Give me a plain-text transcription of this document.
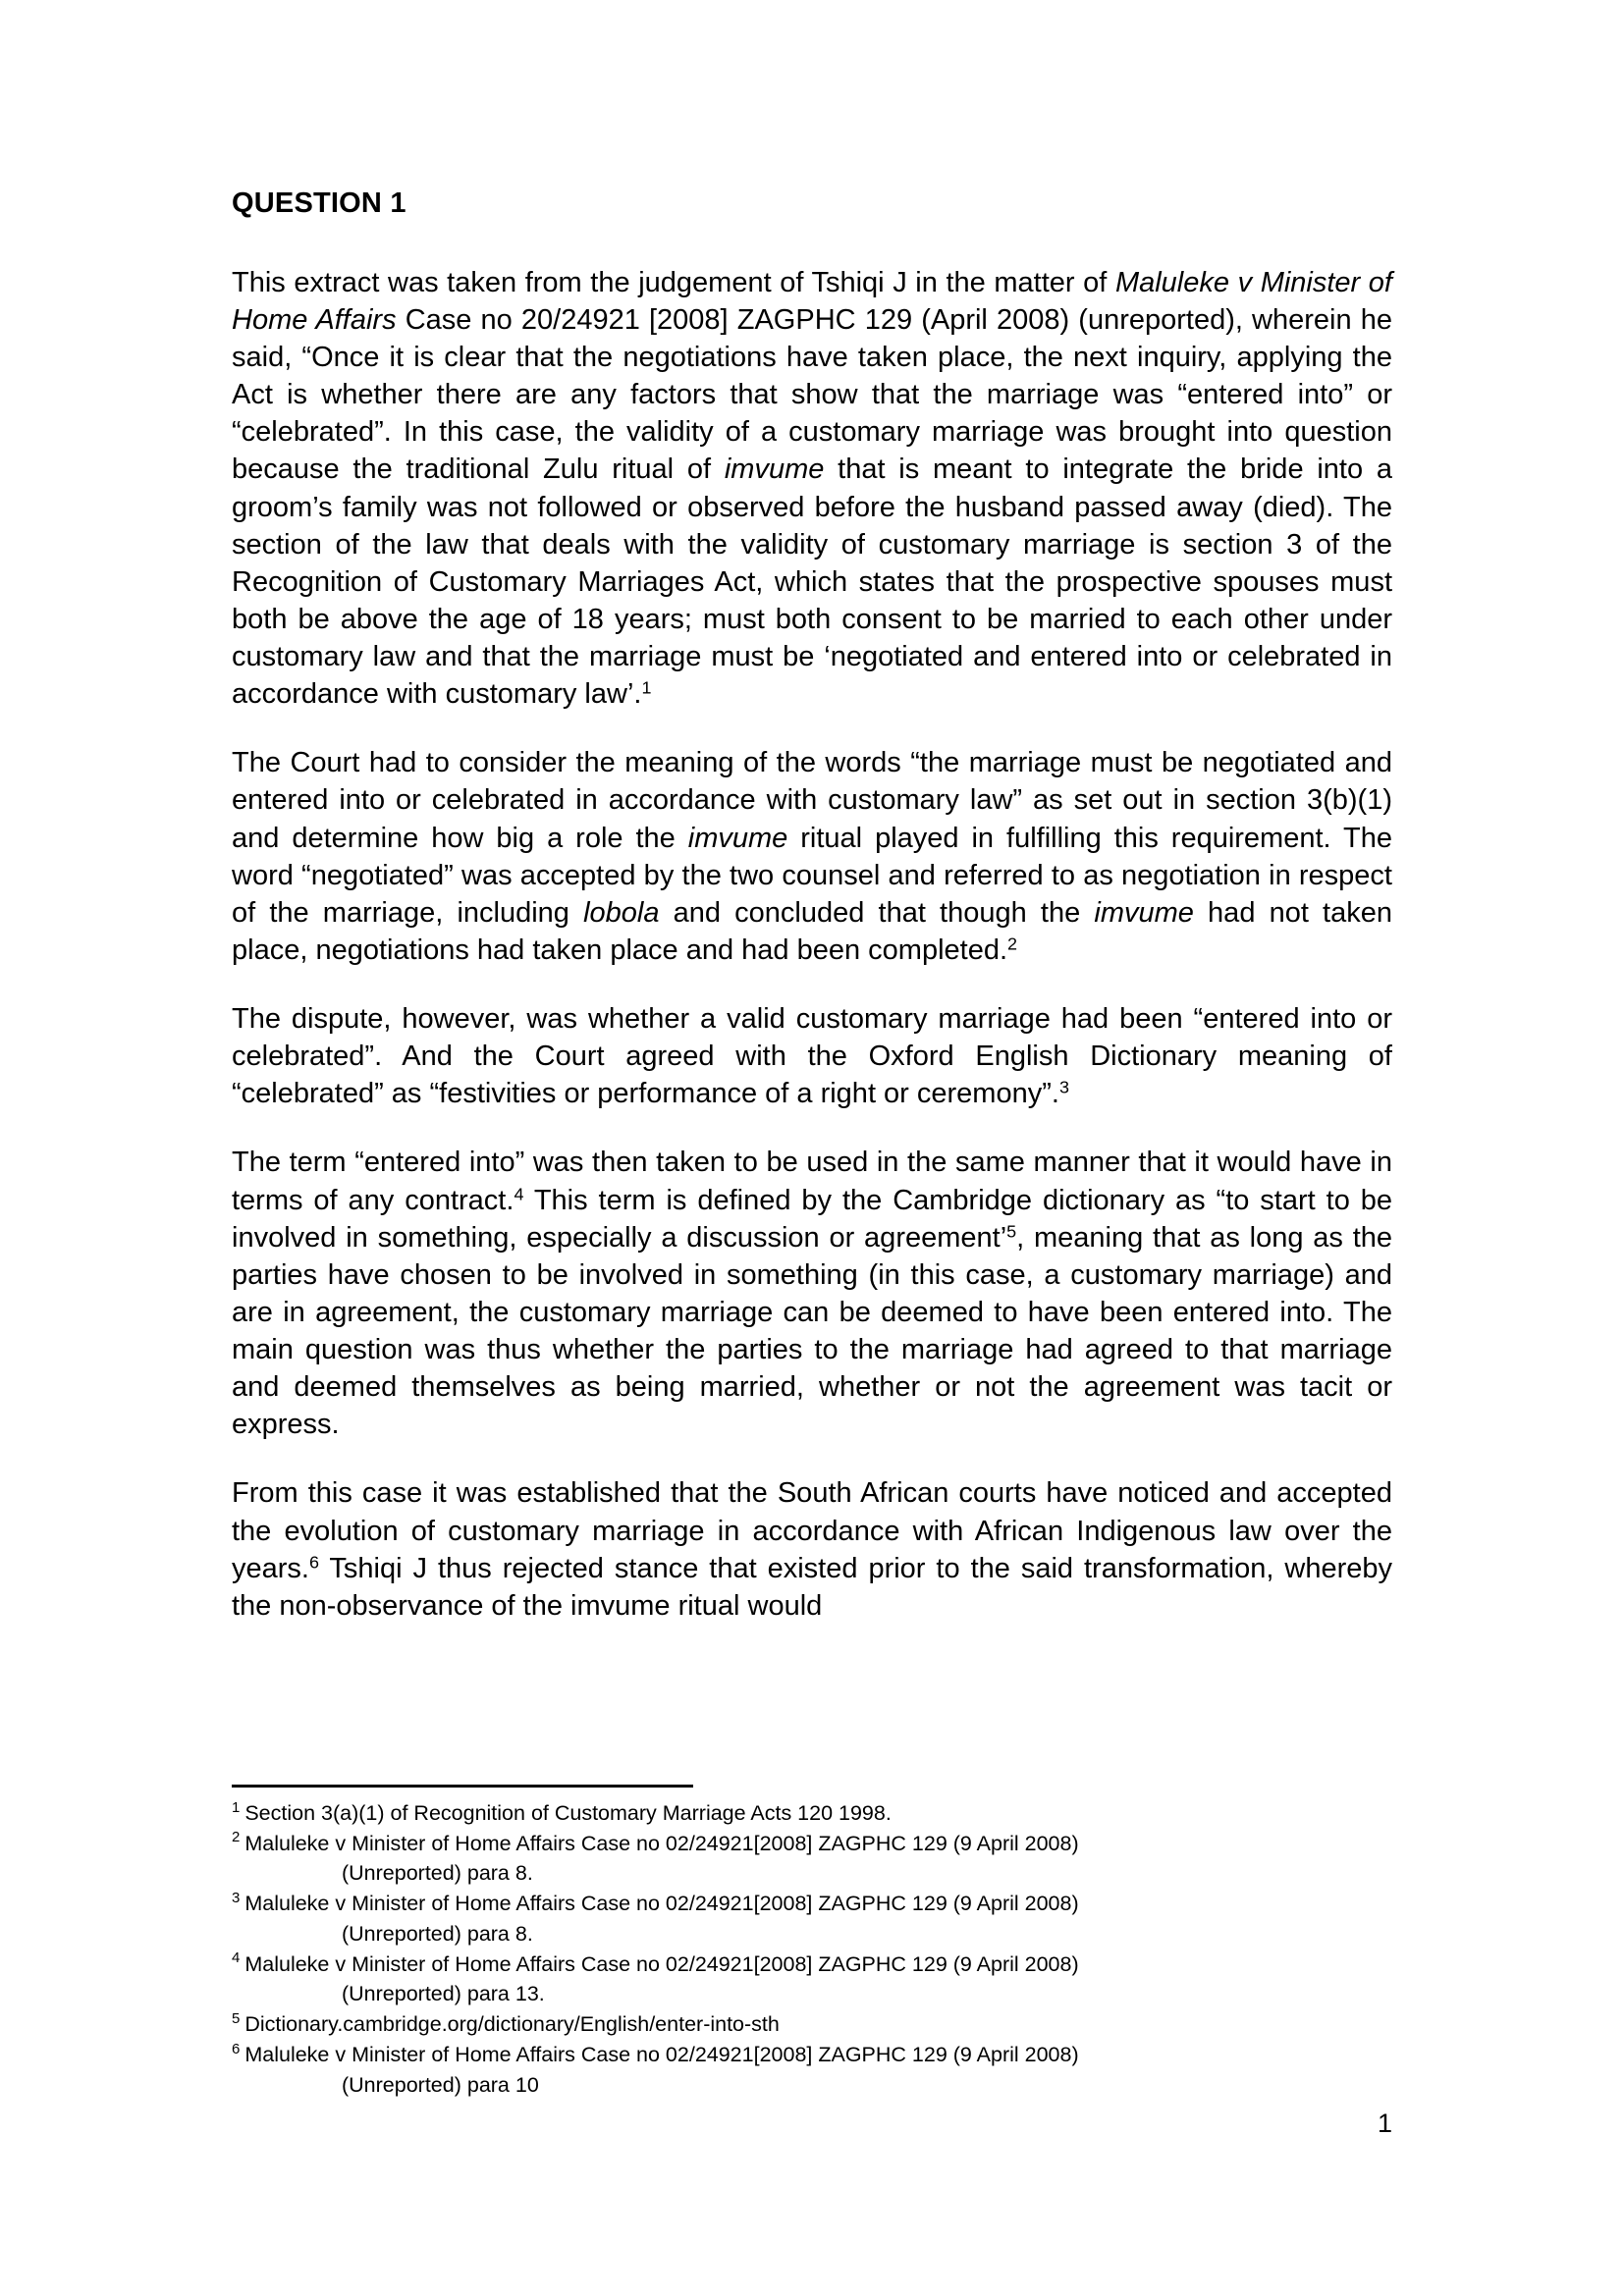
QUESTION 1

This extract was taken from the judgement of Tshiqi J in the matter of Maluleke v Minister of Home Affairs Case no 20/24921 [2008] ZAGPHC 129 (April 2008) (unreported), wherein he said, “Once it is clear that the negotiations have taken place, the next inquiry, applying the Act is whether there are any factors that show that the marriage was “entered into” or “celebrated”. In this case, the validity of a customary marriage was brought into question because the traditional Zulu ritual of imvume that is meant to integrate the bride into a groom’s family was not followed or observed before the husband passed away (died). The section of the law that deals with the validity of customary marriage is section 3 of the Recognition of Customary Marriages Act, which states that the prospective spouses must both be above the age of 18 years; must both consent to be married to each other under customary law and that the marriage must be ‘negotiated and entered into or celebrated in accordance with customary law’.$^1$

The Court had to consider the meaning of the words “the marriage must be negotiated and entered into or celebrated in accordance with customary law” as set out in section 3(b)(1) and determine how big a role the imvume ritual played in fulfilling this requirement. The word “negotiated” was accepted by the two counsel and referred to as negotiation in respect of the marriage, including lobola and concluded that though the imvume had not taken place, negotiations had taken place and had been completed.$^2$

The dispute, however, was whether a valid customary marriage had been “entered into or celebrated”. And the Court agreed with the Oxford English Dictionary meaning of “celebrated” as “festivities or performance of a right or ceremony”.$^3$

The term “entered into” was then taken to be used in the same manner that it would have in terms of any contract.$^4$ This term is defined by the Cambridge dictionary as “to start to be involved in something, especially a discussion or agreement’$^5$, meaning that as long as the parties have chosen to be involved in something (in this case, a customary marriage) and are in agreement, the customary marriage can be deemed to have been entered into. The main question was thus whether the parties to the marriage had agreed to that marriage and deemed themselves as being married, whether or not the agreement was tacit or express.

From this case it was established that the South African courts have noticed and accepted the evolution of customary marriage in accordance with African Indigenous law over the years.$^6$ Tshiqi J thus rejected stance that existed prior to the said transformation, whereby the non-observance of the imvume ritual would

$^1$ Section 3(a)(1) of Recognition of Customary Marriage Acts 120 1998.

$^2$ Maluleke v Minister of Home Affairs Case no 02/24921[2008] ZAGPHC 129 (9 April 2008)

(Unreported) para 8.

$^3$ Maluleke v Minister of Home Affairs Case no 02/24921[2008] ZAGPHC 129 (9 April 2008)

(Unreported) para 8.

$^4$ Maluleke v Minister of Home Affairs Case no 02/24921[2008] ZAGPHC 129 (9 April 2008)

(Unreported) para 13.

$^5$ Dictionary.cambridge.org/dictionary/English/enter-into-sth

$^6$ Maluleke v Minister of Home Affairs Case no 02/24921[2008] ZAGPHC 129 (9 April 2008)

(Unreported) para 10

1
